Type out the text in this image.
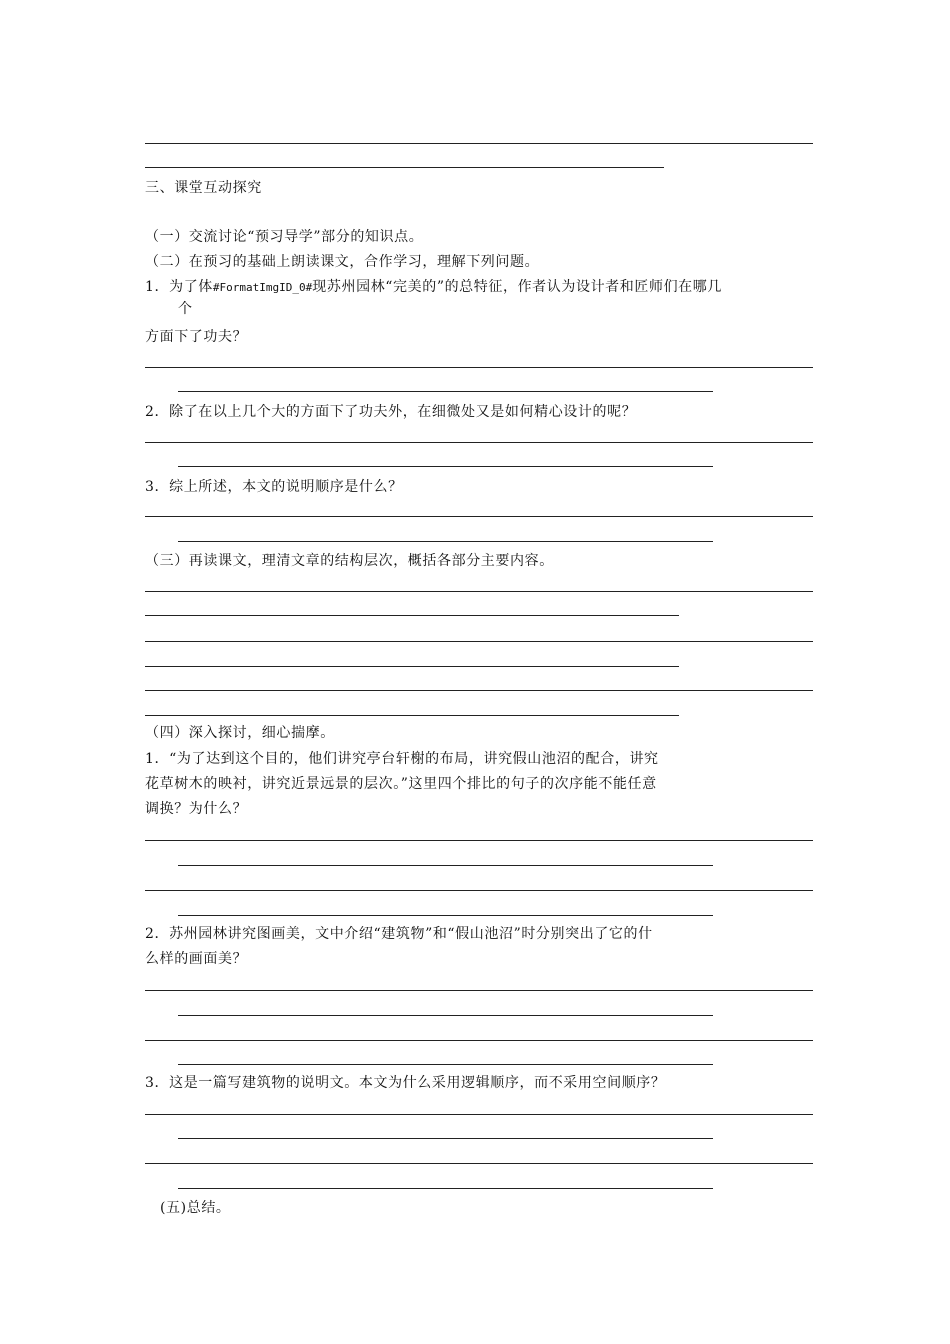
三、课堂互动探究
（一）交流讨论“预习导学”部分的知识点。
（二）在预习的基础上朗读课文，合作学习，理解下列问题。
1．为了体#FormatImgID_0#现苏州园林“完美的”的总特征，作者认为设计者和匠师们在哪几
个
方面下了功夫？
2．除了在以上几个大的方面下了功夫外，在细微处又是如何精心设计的呢？
3．综上所述，本文的说明顺序是什么？
（三）再读课文，理清文章的结构层次，概括各部分主要内容。
（四）深入探讨，细心揣摩。
1．“为了达到这个目的，他们讲究亭台轩榭的布局，讲究假山池沼的配合，讲究
花草树木的映衬，讲究近景远景的层次。”这里四个排比的句子的次序能不能任意
调换？为什么？
2．苏州园林讲究图画美，文中介绍“建筑物”和“假山池沼”时分别突出了它的什
么样的画面美？
3．这是一篇写建筑物的说明文。本文为什么采用逻辑顺序，而不采用空间顺序？
(五)总结。
